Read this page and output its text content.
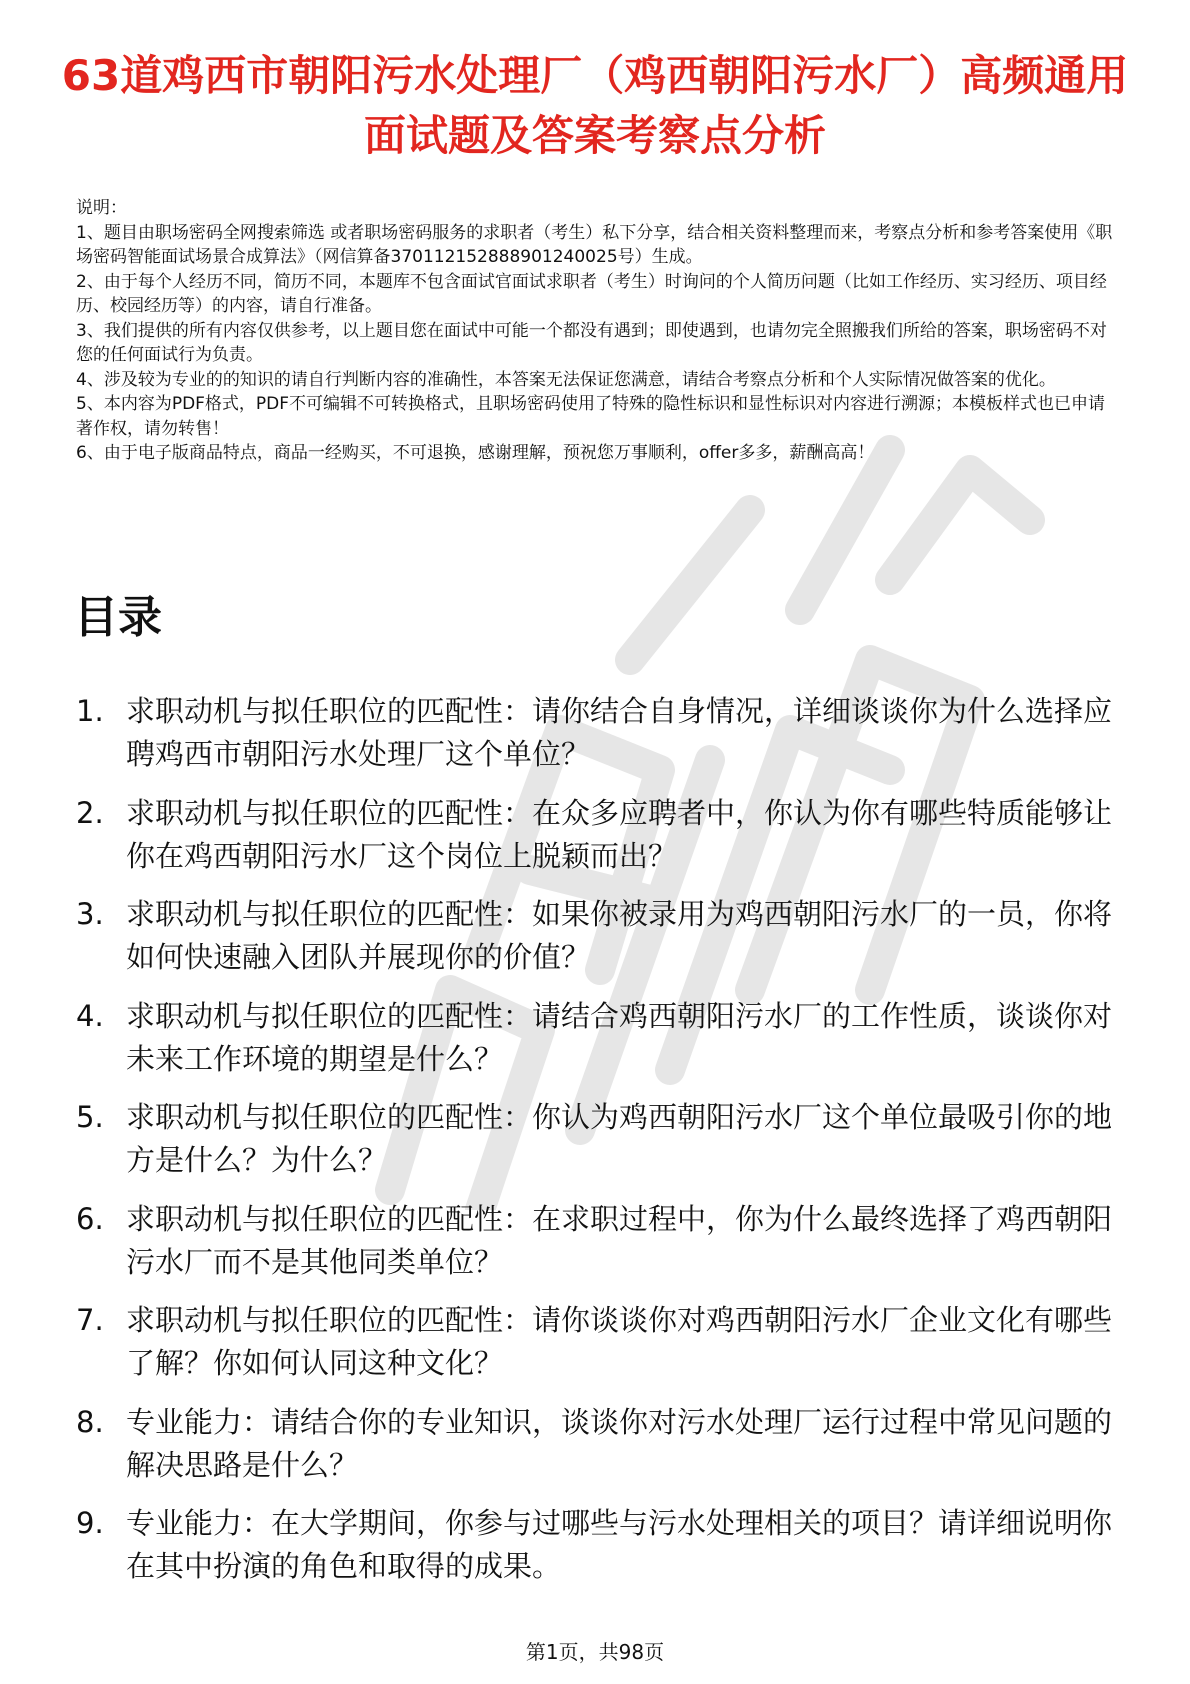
63道鸡西市朝阳污水处理厂（鸡西朝阳污水厂）高频通用面试题及答案考察点分析

说明：

1、题目由职场密码全网搜索筛选 或者职场密码服务的求职者（考生）私下分享，结合相关资料整理而来，考察点分析和参考答案使用《职场密码智能面试场景合成算法》（网信算备370112152888901240025号）生成。

2、由于每个人经历不同，简历不同，本题库不包含面试官面试求职者（考生）时询问的个人简历问题（比如工作经历、实习经历、项目经历、校园经历等）的内容，请自行准备。

3、我们提供的所有内容仅供参考，以上题目您在面试中可能一个都没有遇到；即使遇到，也请勿完全照搬我们所给的答案，职场密码不对您的任何面试行为负责。

4、涉及较为专业的的知识的请自行判断内容的准确性，本答案无法保证您满意，请结合考察点分析和个人实际情况做答案的优化。

5、本内容为PDF格式，PDF不可编辑不可转换格式，且职场密码使用了特殊的隐性标识和显性标识对内容进行溯源；本模板样式也已申请著作权，请勿转售！

6、由于电子版商品特点，商品一经购买，不可退换，感谢理解，预祝您万事顺利，offer多多，薪酬高高！

目录
1. 求职动机与拟任职位的匹配性：请你结合自身情况，详细谈谈你为什么选择应聘鸡西市朝阳污水处理厂这个单位？
2. 求职动机与拟任职位的匹配性：在众多应聘者中，你认为你有哪些特质能够让你在鸡西朝阳污水厂这个岗位上脱颖而出？
3. 求职动机与拟任职位的匹配性：如果你被录用为鸡西朝阳污水厂的一员，你将如何快速融入团队并展现你的价值？
4. 求职动机与拟任职位的匹配性：请结合鸡西朝阳污水厂的工作性质，谈谈你对未来工作环境的期望是什么？
5. 求职动机与拟任职位的匹配性：你认为鸡西朝阳污水厂这个单位最吸引你的地方是什么？为什么？
6. 求职动机与拟任职位的匹配性：在求职过程中，你为什么最终选择了鸡西朝阳污水厂而不是其他同类单位？
7. 求职动机与拟任职位的匹配性：请你谈谈你对鸡西朝阳污水厂企业文化有哪些了解？你如何认同这种文化？
8. 专业能力：请结合你的专业知识，谈谈你对污水处理厂运行过程中常见问题的解决思路是什么？
9. 专业能力：在大学期间，你参与过哪些与污水处理相关的项目？请详细说明你在其中扮演的角色和取得的成果。
第1页，共98页
